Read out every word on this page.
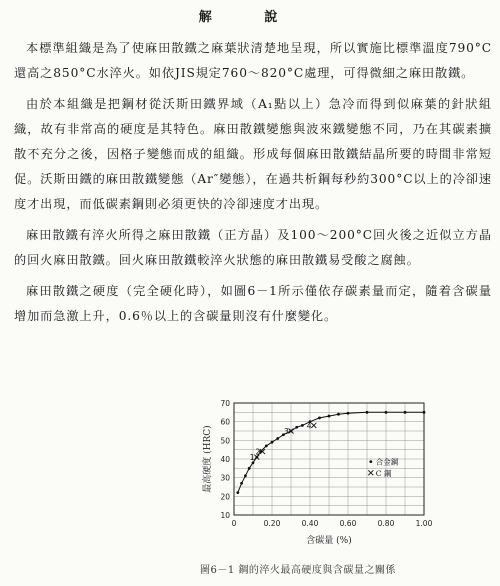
解 說

本標準組織是為了使麻田散鐵之麻葉狀清楚地呈現，所以實施比標準溫度790°C還高之850°C水淬火。如依JIS規定760～820°C處理，可得微細之麻田散鐵。

由於本組織是把鋼材從沃斯田鐵界域（A₁點以上）急冷而得到似麻葉的針狀組織，故有非常高的硬度是其特色。麻田散鐵變態與波來鐵變態不同，乃在其碳素擴散不充分之後，因格子變態而成的組織。形成每個麻田散鐵結晶所要的時間非常短促。沃斯田鐵的麻田散鐵變態（Ar″變態），在過共析鋼每秒約300°C以上的冷卻速度才出現，而低碳素鋼則必須更快的冷卻速度才出現。

麻田散鐵有淬火所得之麻田散鐵（正方晶）及100～200°C回火後之近似立方晶的回火麻田散鐵。回火麻田散鐵較淬火狀態的麻田散鐵易受酸之腐蝕。

麻田散鐵之硬度（完全硬化時），如圖6－1所示僅依存碳素量而定，隨着含碳量增加而急激上升，0.6％以上的含碳量則沒有什麼變化。

0	0.20	0.40	0.60	0.80	1.00
10
20
30
40
50
60
70
1
2
3
4
合金鋼
C 鋼
含碳量 (%)
最高硬度 (HRC)
圖6－1 鋼的淬火最高硬度與含碳量之關係
